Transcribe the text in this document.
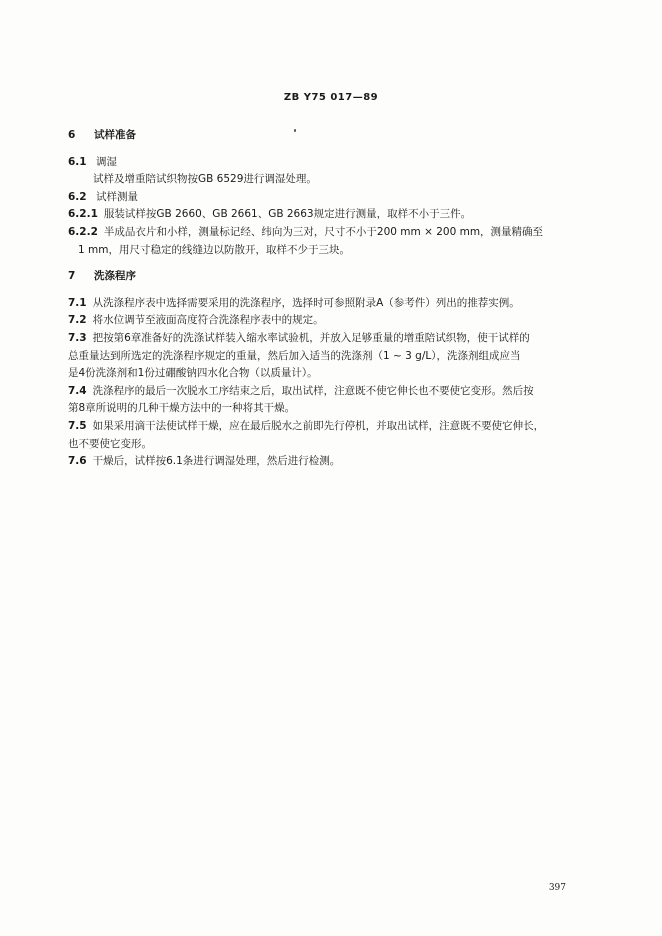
ZB Y75 017—89

6 试样准备

6.1 调湿

试样及增重陪试织物按GB 6529进行调湿处理。

6.2 试样测量

6.2.1 服装试样按GB 2660、GB 2661、GB 2663规定进行测量，取样不小于三件。

6.2.2 半成品衣片和小样，测量标记经、纬向为三对，尺寸不小于200 mm × 200 mm，测量精确至

1 mm，用尺寸稳定的线缝边以防散开，取样不少于三块。

7 洗涤程序

7.1 从洗涤程序表中选择需要采用的洗涤程序，选择时可参照附录A（参考件）列出的推荐实例。

7.2 将水位调节至液面高度符合洗涤程序表中的规定。

7.3 把按第6章准备好的洗涤试样装入缩水率试验机，并放入足够重量的增重陪试织物，使干试样的

总重量达到所选定的洗涤程序规定的重量，然后加入适当的洗涤剂（1 ~ 3 g/L），洗涤剂组成应当

是4份洗涤剂和1份过硼酸钠四水化合物（以质量计）。

7.4 洗涤程序的最后一次脱水工序结束之后，取出试样，注意既不使它伸长也不要使它变形。然后按

第8章所说明的几种干燥方法中的一种将其干燥。

7.5 如果采用滴干法使试样干燥，应在最后脱水之前即先行停机，并取出试样，注意既不要使它伸长，

也不要使它变形。

7.6 干燥后，试样按6.1条进行调湿处理，然后进行检测。

397
